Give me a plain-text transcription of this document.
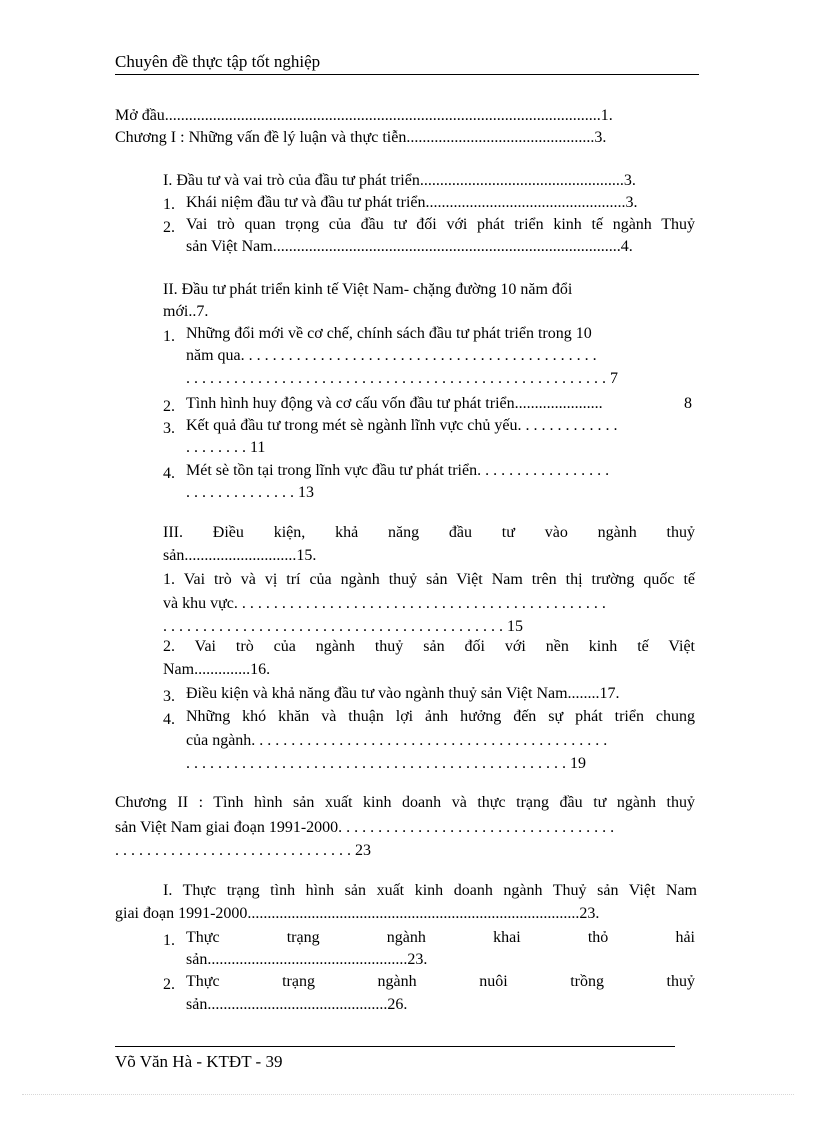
Chuyên đề thực tập tốt nghiệp
Mở đầu.............................................................................................................1.
Chương I : Những vấn đề lý luận và thực tiễn...............................................3.
I. Đầu tư và vai trò của đầu tư phát triển...................................................3.
1. Khái niệm đầu tư và đầu tư phát triển..................................................3.
2. Vai trò quan trọng của đầu tư đối với phát triển kinh tế ngành Thuỷ
sản Việt Nam.......................................................................................4.
II. Đầu tư phát triển kinh tế Việt Nam- chặng đường 10 năm đổi
mới..7.
1. Những đổi mới về cơ chế, chính sách đầu tư phát triển trong 10
năm qua. . . . . . . . . . . . . . . . . . . . . . . . . . . . . . . . . . . . . . . . . . . . .
. . . . . . . . . . . . . . . . . . . . . . . . . . . . . . . . . . . . . . . . . . . . . . . . . . . . . 7
2. Tình hình huy động và cơ cấu vốn đầu tư phát triển......................	8
3. Kết quả đầu tư trong mét sè ngành lĩnh vực chủ yếu. . . . . . . . . . . . .
. . . . . . . . 11
4. Mét sè tồn tại trong lĩnh vực đầu tư phát triển. . . . . . . . . . . . . . . . .
. . . . . . . . . . . . . . 13
III. Điều kiện, khả năng đầu tư vào ngành thuỷ
sản............................15.
1. Vai trò và vị trí của ngành thuỷ sản Việt Nam trên thị trường quốc tế
và khu vực. . . . . . . . . . . . . . . . . . . . . . . . . . . . . . . . . . . . . . . . . . . . . . .
. . . . . . . . . . . . . . . . . . . . . . . . . . . . . . . . . . . . . . . . . . . 15
2. Vai trò của ngành thuỷ sản đối với nền kinh tế Việt
Nam..............16.
3. Điều kiện và khả năng đầu tư vào ngành thuỷ sản Việt Nam........17.
4. Những khó khăn và thuận lợi ảnh hưởng đến sự phát triển chung
của ngành. . . . . . . . . . . . . . . . . . . . . . . . . . . . . . . . . . . . . . . . . . . . .
. . . . . . . . . . . . . . . . . . . . . . . . . . . . . . . . . . . . . . . . . . . . . . . . 19
Chương II : Tình hình sản xuất kinh doanh và thực trạng đầu tư ngành thuỷ
sản Việt Nam giai đoạn 1991-2000. . . . . . . . . . . . . . . . . . . . . . . . . . . . . . . . . . .
. . . . . . . . . . . . . . . . . . . . . . . . . . . . . . 23
I. Thực trạng tình hình sản xuất kinh doanh ngành Thuỷ sản Việt Nam
giai đoạn 1991-2000...................................................................................23.
1. Thực trạng ngành khai thỏ hải
sản..................................................23.
2. Thực trạng ngành nuôi trồng thuỷ
sản.............................................26.
Võ Văn Hà - KTĐT - 39
